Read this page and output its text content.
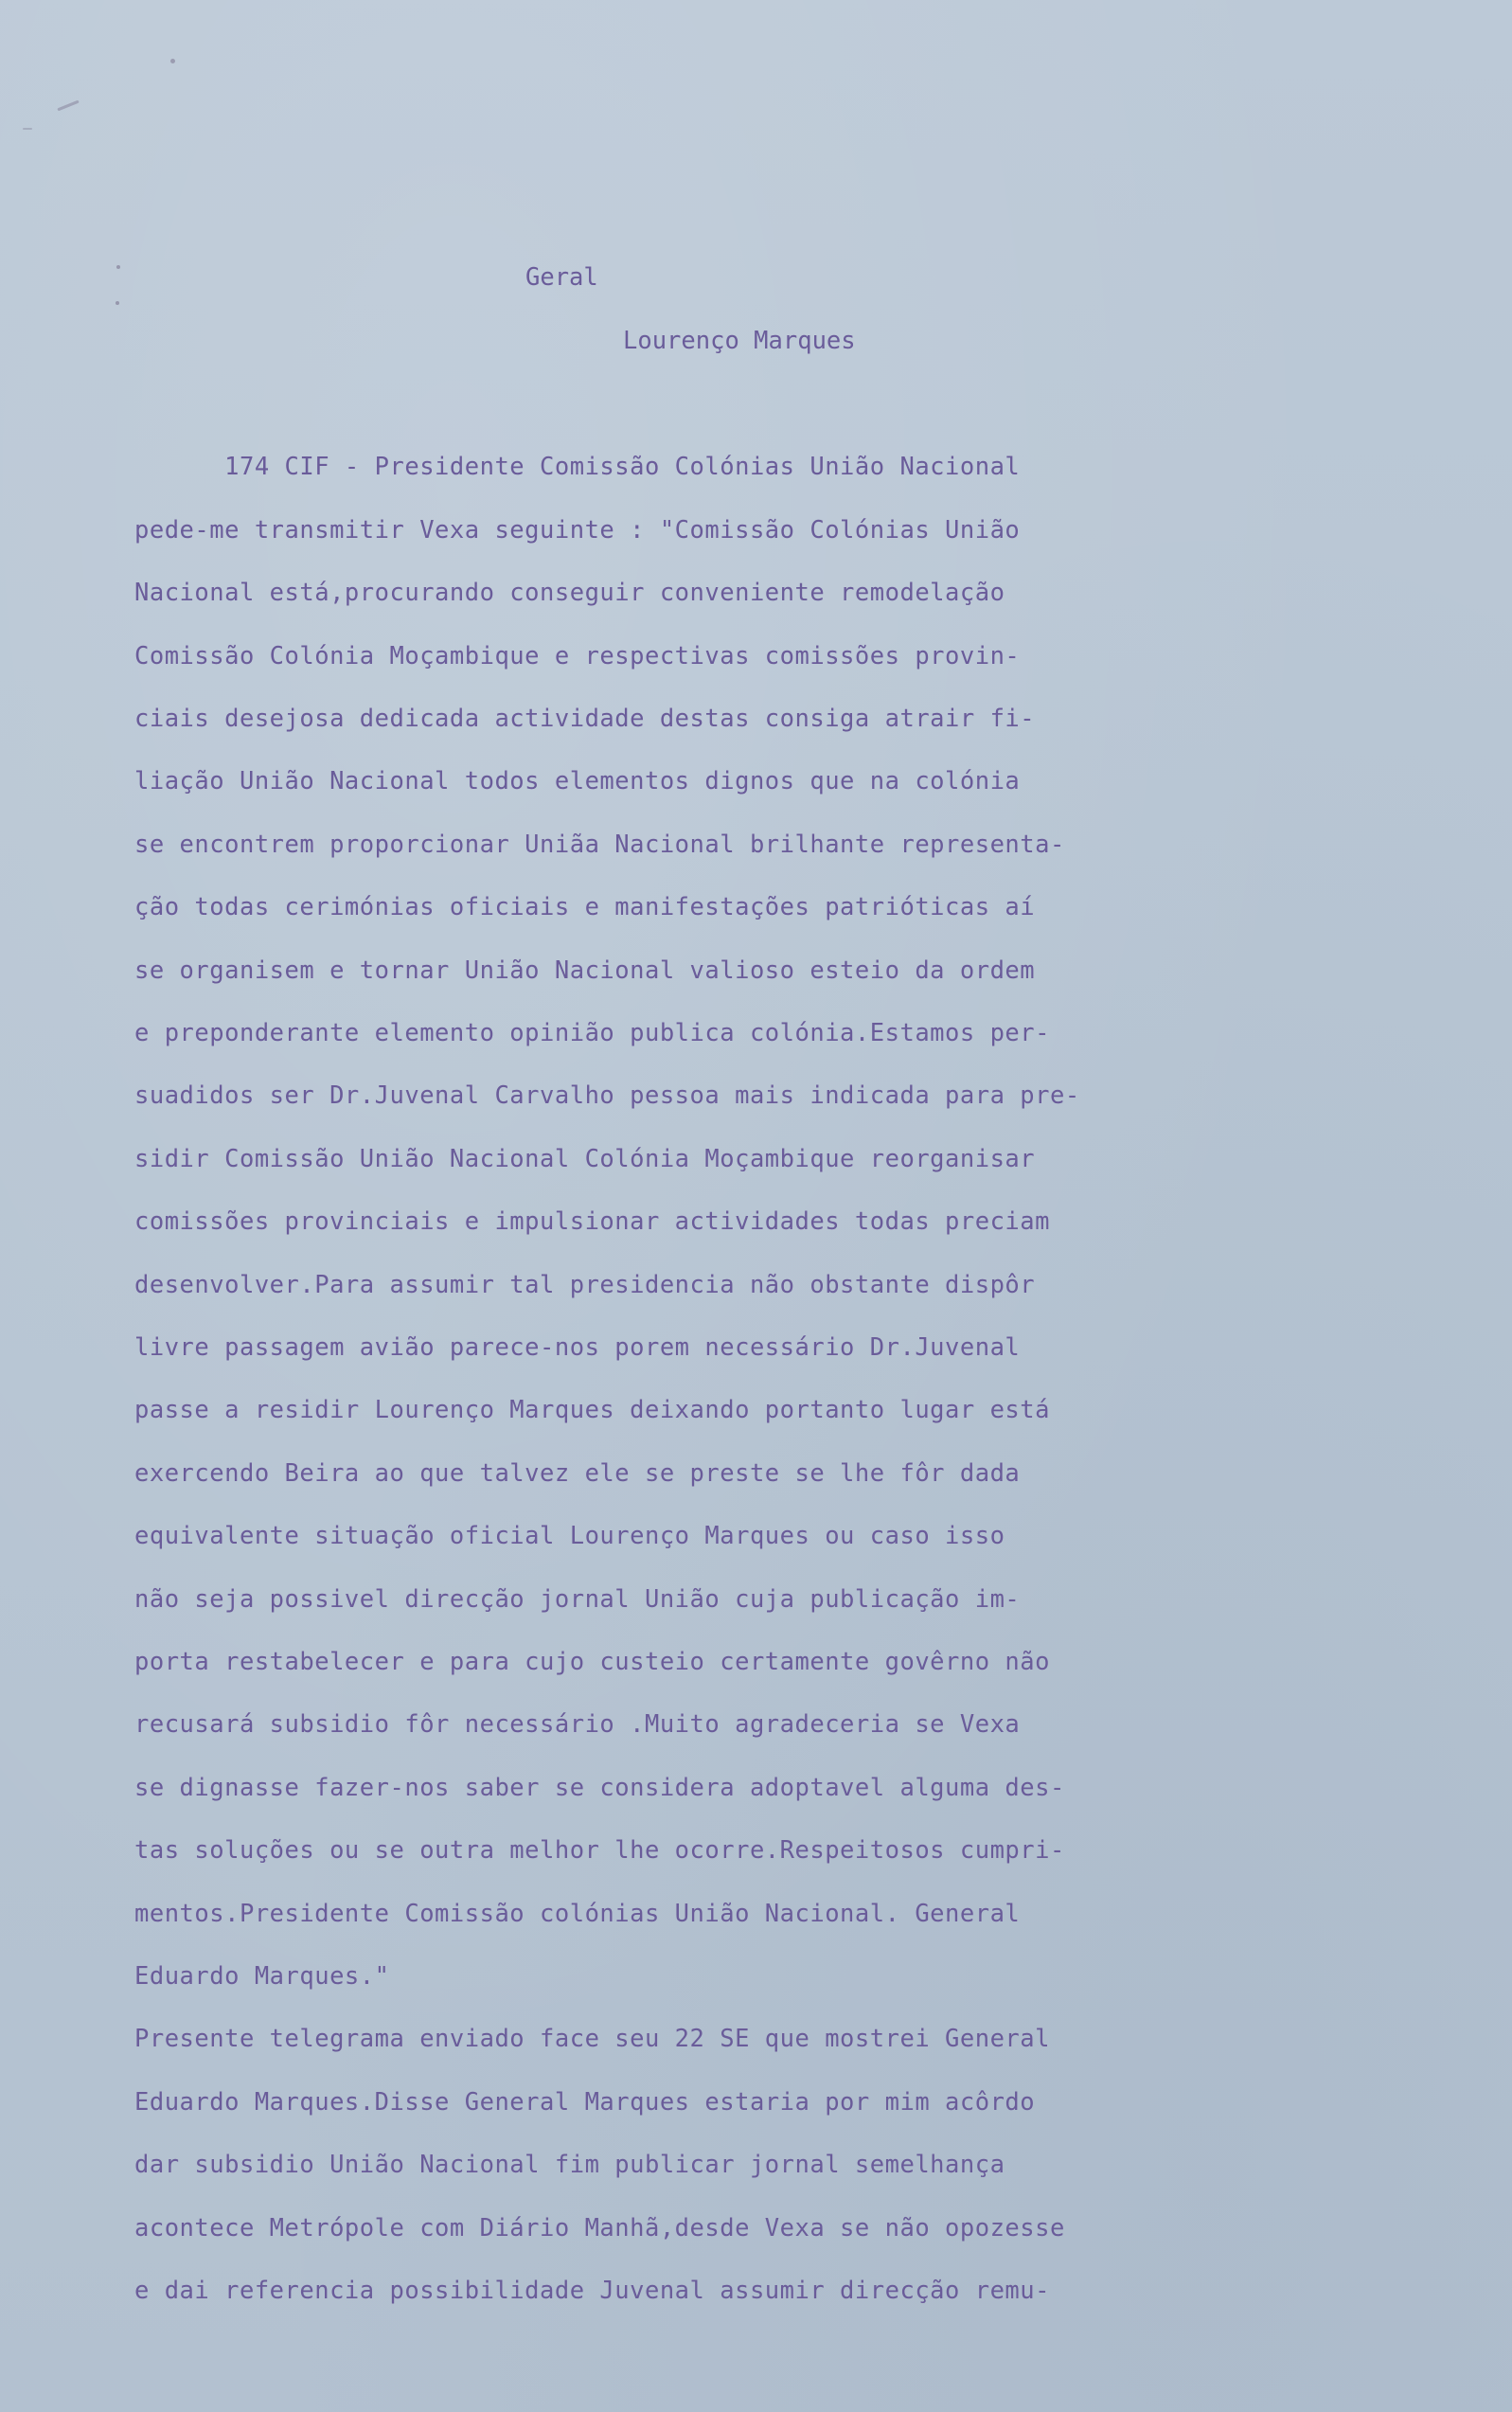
Geral
Lourenço Marques
174 CIF - Presidente Comissão Colónias União Nacional
pede-me transmitir Vexa seguinte : "Comissão Colónias União
Nacional está,procurando conseguir conveniente remodelação
Comissão Colónia Moçambique e respectivas comissões provin-
ciais desejosa dedicada actividade destas consiga atrair fi-
liação União Nacional todos elementos dignos que na colónia
se encontrem proporcionar Uniãa Nacional brilhante representa-
ção todas cerimónias oficiais e manifestações patrióticas aí
se organisem e tornar União Nacional valioso esteio da ordem
e preponderante elemento opinião publica colónia.Estamos per-
suadidos ser Dr.Juvenal Carvalho pessoa mais indicada para pre-
sidir Comissão União Nacional Colónia Moçambique reorganisar
comissões provinciais e impulsionar actividades todas preciam
desenvolver.Para assumir tal presidencia não obstante dispôr
livre passagem avião parece-nos porem necessário Dr.Juvenal
passe a residir Lourenço Marques deixando portanto lugar está
exercendo Beira ao que talvez ele se preste se lhe fôr dada
equivalente situação oficial Lourenço Marques ou caso isso
não seja possivel direcção jornal União cuja publicação im-
porta restabelecer e para cujo custeio certamente govêrno não
recusará subsidio fôr necessário .Muito agradeceria se Vexa
se dignasse fazer-nos saber se considera adoptavel alguma des-
tas soluções ou se outra melhor lhe ocorre.Respeitosos cumpri-
mentos.Presidente Comissão colónias União Nacional. General
Eduardo Marques."
Presente telegrama enviado face seu 22 SE que mostrei General
Eduardo Marques.Disse General Marques estaria por mim acôrdo
dar subsidio União Nacional fim publicar jornal semelhança
acontece Metrópole com Diário Manhã,desde Vexa se não opozesse
e dai referencia possibilidade Juvenal assumir direcção remu-
